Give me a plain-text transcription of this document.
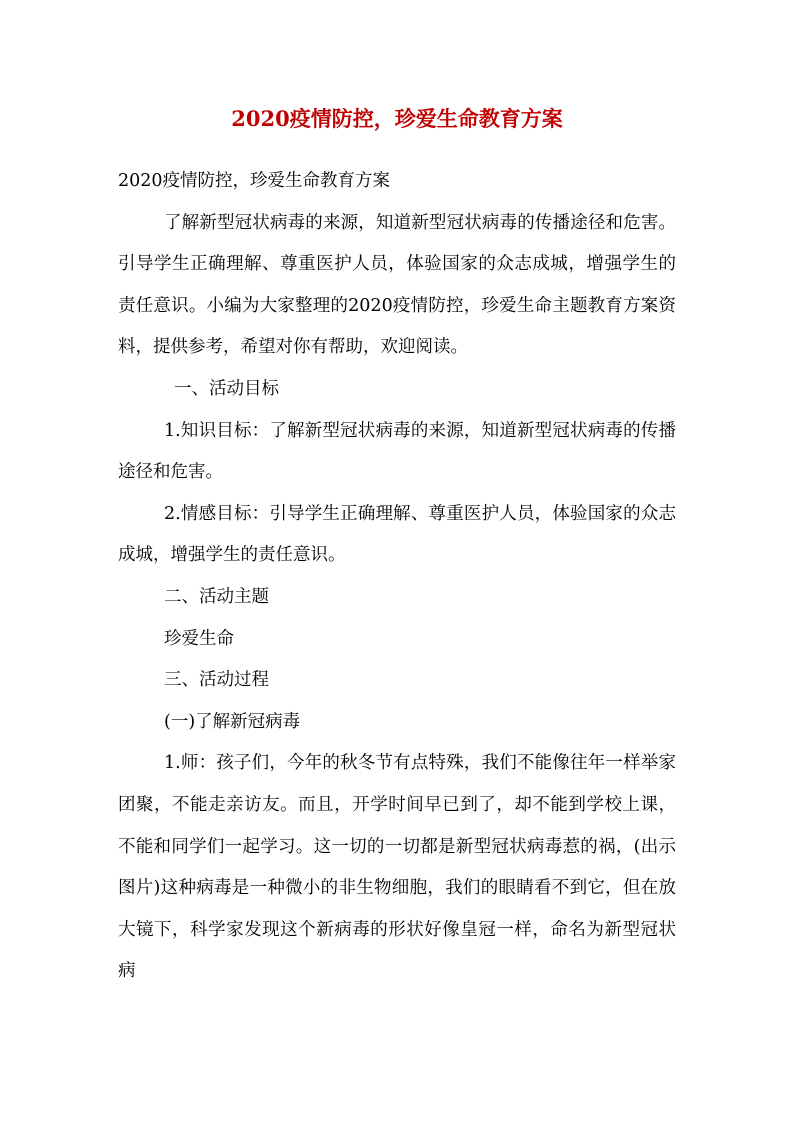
2020疫情防控，珍爱生命教育方案

2020疫情防控，珍爱生命教育方案

了解新型冠状病毒的来源，知道新型冠状病毒的传播途径和危害。引导学生正确理解、尊重医护人员，体验国家的众志成城，增强学生的责任意识。小编为大家整理的2020疫情防控，珍爱生命主题教育方案资料，提供参考，希望对你有帮助，欢迎阅读。

一、活动目标

1.知识目标：了解新型冠状病毒的来源，知道新型冠状病毒的传播途径和危害。

2.情感目标：引导学生正确理解、尊重医护人员，体验国家的众志成城，增强学生的责任意识。

二、活动主题

珍爱生命

三、活动过程

(一)了解新冠病毒

1.师：孩子们，今年的秋冬节有点特殊，我们不能像往年一样举家团聚，不能走亲访友。而且，开学时间早已到了，却不能到学校上课，不能和同学们一起学习。这一切的一切都是新型冠状病毒惹的祸，(出示图片)这种病毒是一种微小的非生物细胞，我们的眼睛看不到它，但在放大镜下，科学家发现这个新病毒的形状好像皇冠一样，命名为新型冠状病
